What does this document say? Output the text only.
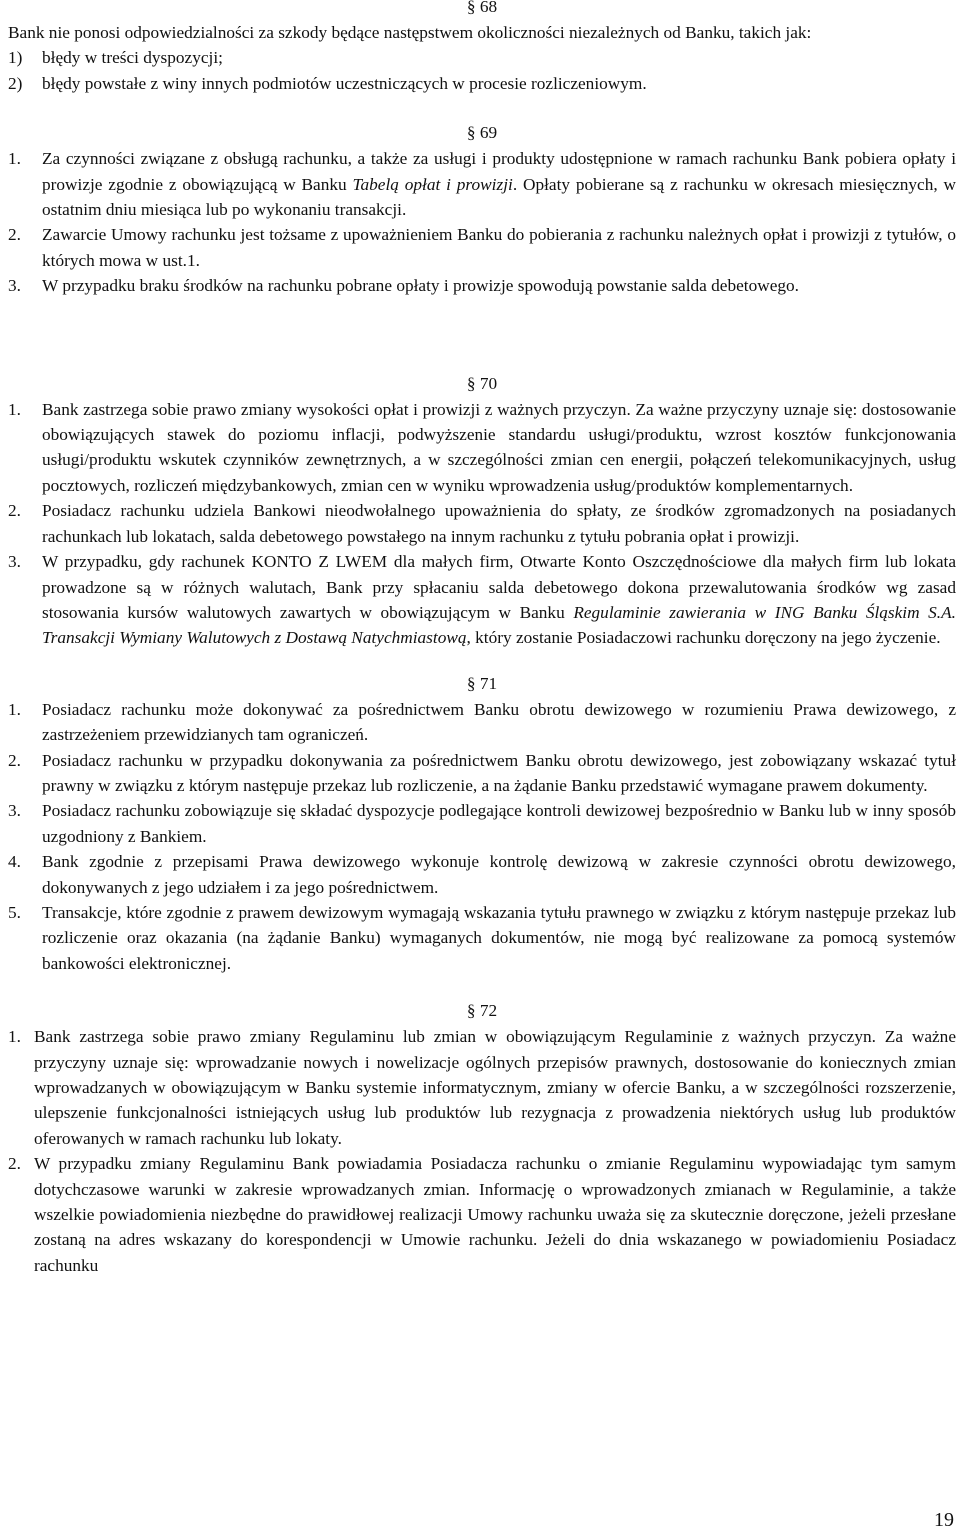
§ 68

Bank nie ponosi odpowiedzialności za szkody będące następstwem okoliczności niezależnych od Banku, takich jak:

1) błędy w treści dyspozycji;

2) błędy powstałe z winy innych podmiotów uczestniczących w procesie rozliczeniowym.

§ 69

1. Za czynności związane z obsługą rachunku, a także za usługi i produkty udostępnione w ramach rachunku Bank pobiera opłaty i prowizje zgodnie z obowiązującą w Banku Tabelą opłat i prowizji. Opłaty pobierane są z rachunku w okresach miesięcznych, w ostatnim dniu miesiąca lub po wykonaniu transakcji.

2. Zawarcie Umowy rachunku jest tożsame z upoważnieniem Banku do pobierania z rachunku należnych opłat i prowizji z tytułów, o których mowa w ust.1.

3. W przypadku braku środków na rachunku pobrane opłaty i prowizje spowodują powstanie salda debetowego.

§ 70

1. Bank zastrzega sobie prawo zmiany wysokości opłat i prowizji z ważnych przyczyn. Za ważne przyczyny uznaje się: dostosowanie obowiązujących stawek do poziomu inflacji, podwyższenie standardu usługi/produktu, wzrost kosztów funkcjonowania usługi/produktu wskutek czynników zewnętrznych, a w szczególności zmian cen energii, połączeń telekomunikacyjnych, usług pocztowych, rozliczeń międzybankowych, zmian cen w wyniku wprowadzenia usług/produktów komplementarnych.

2. Posiadacz rachunku udziela Bankowi nieodwołalnego upoważnienia do spłaty, ze środków zgromadzonych na posiadanych rachunkach lub lokatach, salda debetowego powstałego na innym rachunku z tytułu pobrania opłat i prowizji.

3. W przypadku, gdy rachunek KONTO Z LWEM dla małych firm, Otwarte Konto Oszczędnościowe dla małych firm lub lokata prowadzone są w różnych walutach, Bank przy spłacaniu salda debetowego dokona przewalutowania środków wg zasad stosowania kursów walutowych zawartych w obowiązującym w Banku Regulaminie zawierania w ING Banku Śląskim S.A. Transakcji Wymiany Walutowych z Dostawą Natychmiastową, który zostanie Posiadaczowi rachunku doręczony na jego życzenie.

§ 71

1. Posiadacz rachunku może dokonywać za pośrednictwem Banku obrotu dewizowego w rozumieniu Prawa dewizowego, z zastrzeżeniem przewidzianych tam ograniczeń.

2. Posiadacz rachunku w przypadku dokonywania za pośrednictwem Banku obrotu dewizowego, jest zobowiązany wskazać tytuł prawny w związku z którym następuje przekaz lub rozliczenie, a na żądanie Banku przedstawić wymagane prawem dokumenty.

3. Posiadacz rachunku zobowiązuje się składać dyspozycje podlegające kontroli dewizowej bezpośrednio w Banku lub w inny sposób uzgodniony z Bankiem.

4. Bank zgodnie z przepisami Prawa dewizowego wykonuje kontrolę dewizową w zakresie czynności obrotu dewizowego, dokonywanych z jego udziałem i za jego pośrednictwem.

5. Transakcje, które zgodnie z prawem dewizowym wymagają wskazania tytułu prawnego w związku z którym następuje przekaz lub rozliczenie oraz okazania (na żądanie Banku) wymaganych dokumentów, nie mogą być realizowane za pomocą systemów bankowości elektronicznej.

§ 72

1. Bank zastrzega sobie prawo zmiany Regulaminu lub zmian w obowiązującym Regulaminie z ważnych przyczyn. Za ważne przyczyny uznaje się: wprowadzanie nowych i nowelizacje ogólnych przepisów prawnych, dostosowanie do koniecznych zmian wprowadzanych w obowiązującym w Banku systemie informatycznym, zmiany w ofercie Banku, a w szczególności rozszerzenie, ulepszenie funkcjonalności istniejących usług lub produktów lub rezygnacja z prowadzenia niektórych usług lub produktów oferowanych w ramach rachunku lub lokaty.

2. W przypadku zmiany Regulaminu Bank powiadamia Posiadacza rachunku o zmianie Regulaminu wypowiadając tym samym dotychczasowe warunki w zakresie wprowadzanych zmian. Informację o wprowadzonych zmianach w Regulaminie, a także wszelkie powiadomienia niezbędne do prawidłowej realizacji Umowy rachunku uważa się za skutecznie doręczone, jeżeli przesłane zostaną na adres wskazany do korespondencji w Umowie rachunku. Jeżeli do dnia wskazanego w powiadomieniu Posiadacz rachunku

19
